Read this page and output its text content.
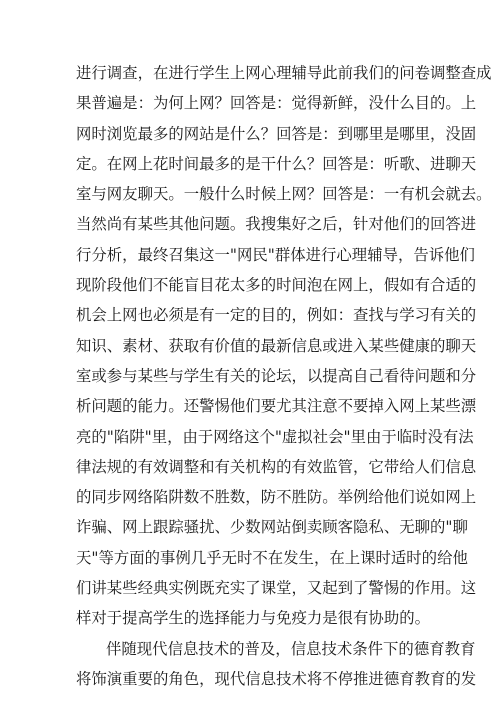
进行调查，在进行学生上网心理辅导此前我们的问卷调整查成
果普遍是：为何上网？回答是：觉得新鲜，没什么目的。上
网时浏览最多的网站是什么？回答是：到哪里是哪里，没固
定。在网上花时间最多的是干什么？回答是：听歌、进聊天
室与网友聊天。一般什么时候上网？回答是：一有机会就去。
当然尚有某些其他问题。我搜集好之后，针对他们的回答进
行分析，最终召集这一"网民"群体进行心理辅导，告诉他们
现阶段他们不能盲目花太多的时间泡在网上，假如有合适的
机会上网也必须是有一定的目的，例如：查找与学习有关的
知识、素材、获取有价值的最新信息或进入某些健康的聊天
室或参与某些与学生有关的论坛，以提高自己看待问题和分
析问题的能力。还警惕他们要尤其注意不要掉入网上某些漂
亮的"陷阱"里，由于网络这个"虚拟社会"里由于临时没有法
律法规的有效调整和有关机构的有效监管，它带给人们信息
的同步网络陷阱数不胜数，防不胜防。举例给他们说如网上
诈骗、网上跟踪骚扰、少数网站倒卖顾客隐私、无聊的"聊
天"等方面的事例几乎无时不在发生，在上课时适时的给他
们讲某些经典实例既充实了课堂，又起到了警惕的作用。这
样对于提高学生的选择能力与免疫力是很有协助的。
伴随现代信息技术的普及，信息技术条件下的德育教育
将饰演重要的角色，现代信息技术将不停推进德育教育的发
